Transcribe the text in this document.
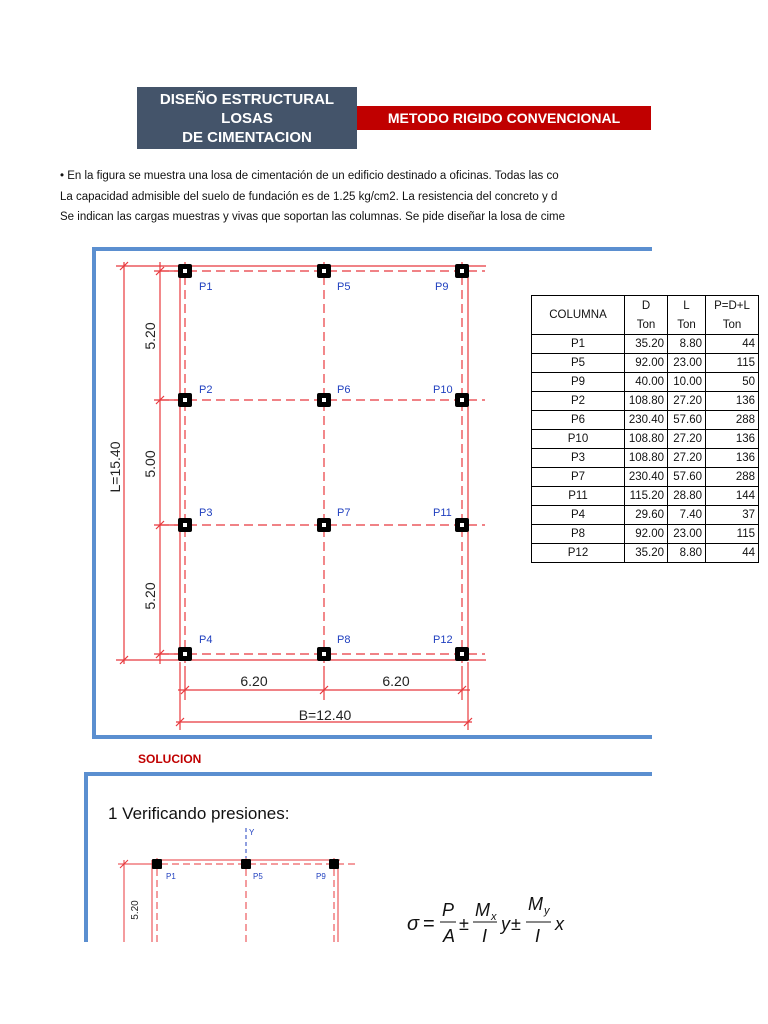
DISEÑO ESTRUCTURAL LOSAS
DE CIMENTACION
METODO RIGIDO CONVENCIONAL
• En la figura se muestra una losa de cimentación de un edificio destinado a oficinas. Todas las co
La capacidad admisible del suelo de fundación es de 1.25 kg/cm2. La resistencia del concreto y d
Se indican las cargas muestras y vivas que soportan las columnas. Se pide diseñar la losa de cime
P1	P5	P9
P2	P6	P10
P3	P7	P11
P4	P8	P12
5.20
5.00
5.20
L=15.40
6.20	6.20
B=12.40
COLUMNA	D	L	P=D+L
	Ton	Ton	Ton
P1	35.20	8.80	44
P5	92.00	23.00	115
P9	40.00	10.00	50
P2	108.80	27.20	136
P6	230.40	57.60	288
P10	108.80	27.20	136
P3	108.80	27.20	136
P7	230.40	57.60	288
P11	115.20	28.80	144
P4	29.60	7.40	37
P8	92.00	23.00	115
P12	35.20	8.80	44
SOLUCION
1 Verificando presiones:
Y
P1	P5	P9
5.20
σ =
P
A
±
M x
I
y ±
M y
I
x
